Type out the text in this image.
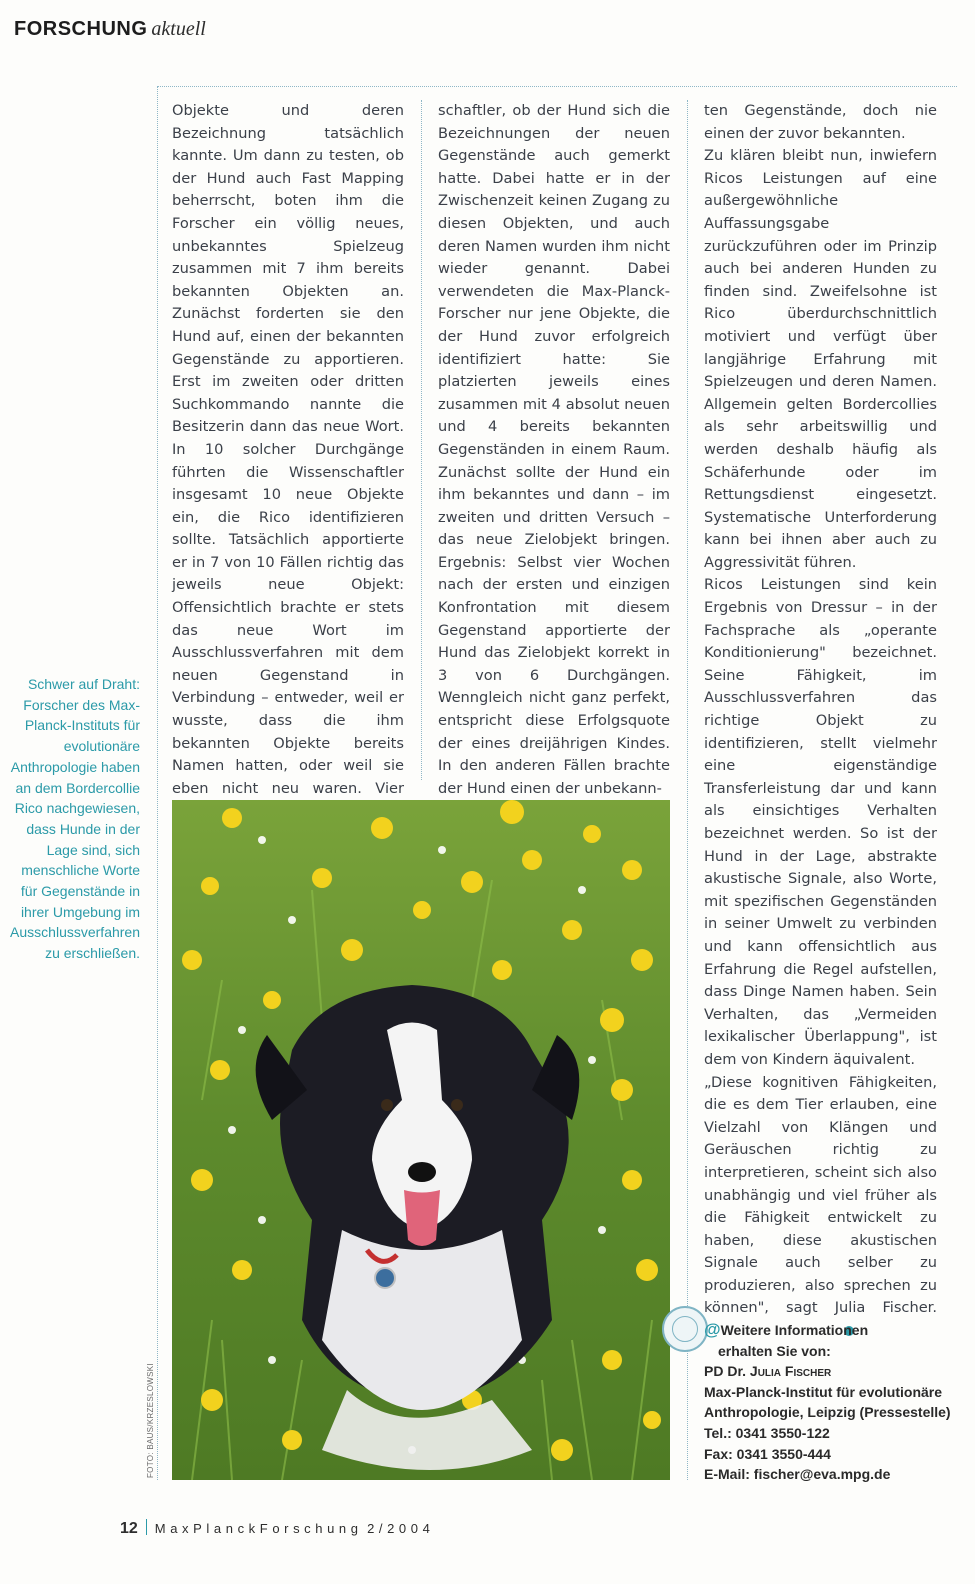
FORSCHUNG aktuell
Schwer auf Draht: Forscher des Max-Planck-Instituts für evolutionäre Anthropologie haben an dem Bordercollie Rico nachgewiesen, dass Hunde in der Lage sind, sich menschliche Worte für Gegenstände in ihrer Umgebung im Ausschlussverfahren zu erschließen.

Objekte und deren Bezeichnung tatsächlich kannte. Um dann zu testen, ob der Hund auch Fast Mapping beherrscht, boten ihm die Forscher ein völlig neues, unbekanntes Spielzeug zusammen mit 7 ihm bereits bekannten Objekten an. Zunächst forderten sie den Hund auf, einen der bekannten Gegenstände zu apportieren. Erst im zweiten oder dritten Suchkommando nannte die Besitzerin dann das neue Wort. In 10 solcher Durchgänge führten die Wissenschaftler insgesamt 10 neue Objekte ein, die Rico identifizieren sollte. Tatsächlich apportierte er in 7 von 10 Fällen richtig das jeweils neue Objekt: Offensichtlich brachte er stets das neue Wort im Ausschlussverfahren mit dem neuen Gegenstand in Verbindung – entweder, weil er wusste, dass die ihm bekannten Objekte bereits Namen hatten, oder weil sie eben nicht neu waren. Vier

schaftler, ob der Hund sich die Bezeichnungen der neuen Gegenstände auch gemerkt hatte. Dabei hatte er in der Zwischenzeit keinen Zugang zu diesen Objekten, und auch deren Namen wurden ihm nicht wieder genannt. Dabei verwendeten die Max-Planck-Forscher nur jene Objekte, die der Hund zuvor erfolgreich identifiziert hatte: Sie platzierten jeweils eines zusammen mit 4 absolut neuen und 4 bereits bekannten Gegenständen in einem Raum. Zunächst sollte der Hund ein ihm bekanntes und dann – im zweiten und dritten Versuch – das neue Zielobjekt bringen. Ergebnis: Selbst vier Wochen nach der ersten und einzigen Konfrontation mit diesem Gegenstand apportierte der Hund das Zielobjekt korrekt in 3 von 6 Durchgängen. Wenngleich nicht ganz perfekt, entspricht diese Erfolgsquote der eines dreijährigen Kindes. In den anderen Fällen brachte der Hund einen der unbekann-

ten Gegenstände, doch nie einen der zuvor bekannten.

Zu klären bleibt nun, inwiefern Ricos Leistungen auf eine außergewöhnliche Auffassungsgabe zurückzuführen oder im Prinzip auch bei anderen Hunden zu finden sind. Zweifelsohne ist Rico überdurchschnittlich motiviert und verfügt über langjährige Erfahrung mit Spielzeugen und deren Namen. Allgemein gelten Bordercollies als sehr arbeitswillig und werden deshalb häufig als Schäferhunde oder im Rettungsdienst eingesetzt. Systematische Unterforderung kann bei ihnen aber auch zu Aggressivität führen.

Ricos Leistungen sind kein Ergebnis von Dressur – in der Fachsprache als „operante Konditionierung" bezeichnet. Seine Fähigkeit, im Ausschlussverfahren das richtige Objekt zu identifizieren, stellt vielmehr eine eigenständige Transferleistung dar und kann als einsichtiges Verhalten bezeichnet werden. So ist der Hund in der Lage, abstrakte akustische Signale, also Worte, mit spezifischen Gegenständen in seiner Umwelt zu verbinden und kann offensichtlich aus Erfahrung die Regel aufstellen, dass Dinge Namen haben. Sein Verhalten, das „Vermeiden lexikalischer Überlappung", ist dem von Kindern äquivalent.

„Diese kognitiven Fähigkeiten, die es dem Tier erlauben, eine Vielzahl von Klängen und Geräuschen richtig zu interpretieren, scheint sich also unabhängig und viel früher als die Fähigkeit entwickelt zu haben, diese akustischen Signale auch selber zu produzieren, also sprechen zu können", sagt Julia Fischer.

FOTO: BAUS/KRZESLOWSKI
@Weitere Informationen
erhalten Sie von:
PD Dr. Julia Fischer
Max-Planck-Institut für evolutionäre
Anthropologie, Leipzig (Pressestelle)
Tel.: 0341 3550-122
Fax: 0341 3550-444
E-Mail: fischer@eva.mpg.de
12 MaxPlanckForschung 2/2004
